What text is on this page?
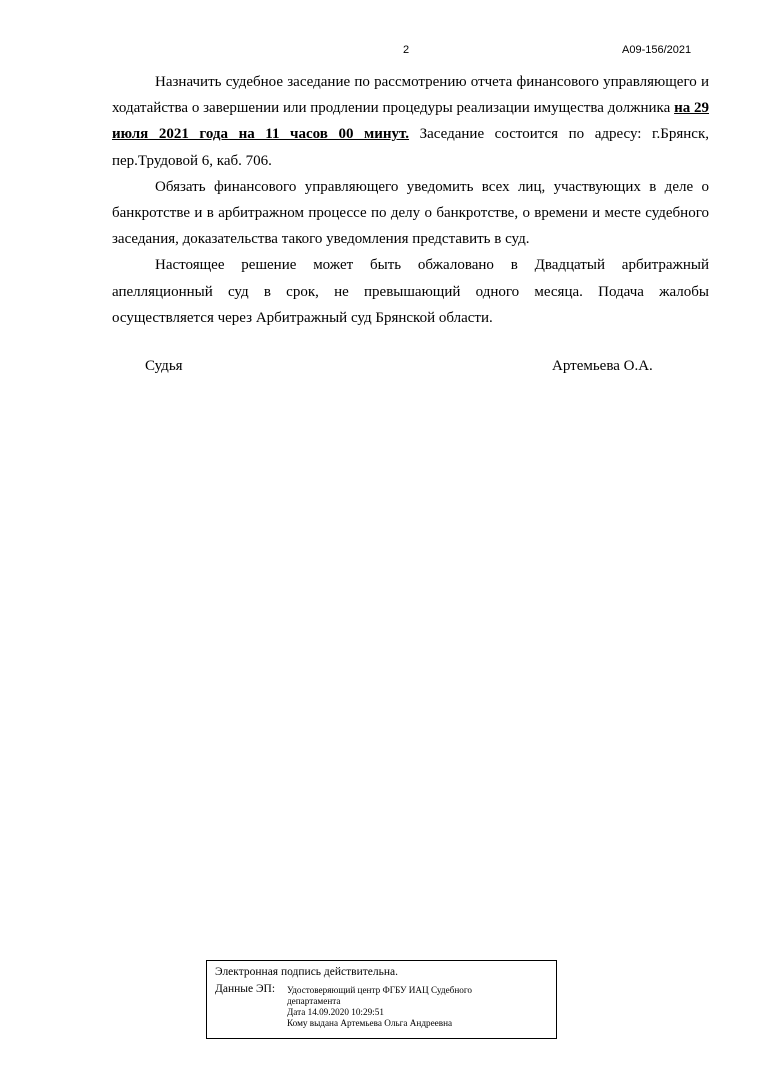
2	А09-156/2021

Назначить судебное заседание по рассмотрению отчета финансового управляющего и ходатайства о завершении или продлении процедуры реализации имущества должника на 29 июля 2021 года на 11 часов 00 минут. Заседание состоится по адресу: г.Брянск, пер.Трудовой 6, каб. 706.

Обязать финансового управляющего уведомить всех лиц, участвующих в деле о банкротстве и в арбитражном процессе по делу о банкротстве, о времени и месте судебного заседания, доказательства такого уведомления представить в суд.

Настоящее решение может быть обжаловано в Двадцатый арбитражный апелляционный суд в срок, не превышающий одного месяца. Подача жалобы осуществляется через Арбитражный суд Брянской области.

Судья	Артемьева О.А.
Электронная подпись действительна.
Данные ЭП:	Удостоверяющий центр ФГБУ ИАЦ Судебного
департамента
Дата 14.09.2020 10:29:51
Кому выдана Артемьева Ольга Андреевна
